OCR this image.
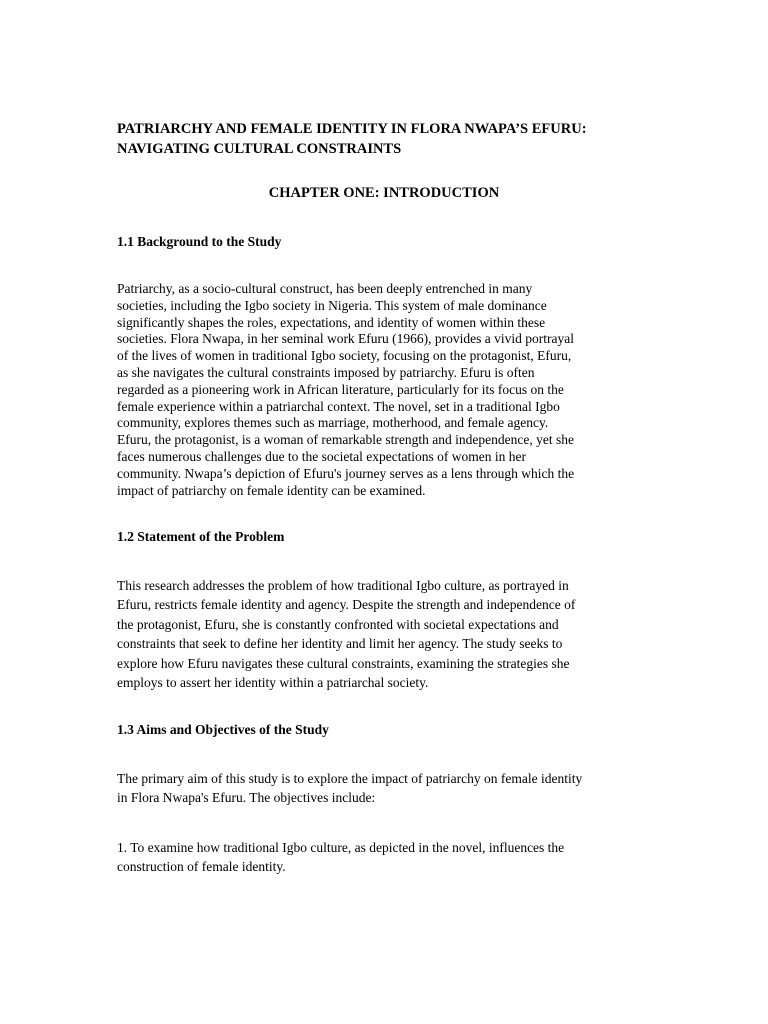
PATRIARCHY AND FEMALE IDENTITY IN FLORA NWAPA’S EFURU:
NAVIGATING CULTURAL CONSTRAINTS
CHAPTER ONE: INTRODUCTION
1.1 Background to the Study

Patriarchy, as a socio-cultural construct, has been deeply entrenched in many
societies, including the Igbo society in Nigeria. This system of male dominance
significantly shapes the roles, expectations, and identity of women within these
societies. Flora Nwapa, in her seminal work Efuru (1966), provides a vivid portrayal
of the lives of women in traditional Igbo society, focusing on the protagonist, Efuru,
as she navigates the cultural constraints imposed by patriarchy. Efuru is often
regarded as a pioneering work in African literature, particularly for its focus on the
female experience within a patriarchal context. The novel, set in a traditional Igbo
community, explores themes such as marriage, motherhood, and female agency.
Efuru, the protagonist, is a woman of remarkable strength and independence, yet she
faces numerous challenges due to the societal expectations of women in her
community. Nwapa’s depiction of Efuru's journey serves as a lens through which the
impact of patriarchy on female identity can be examined.

1.2 Statement of the Problem

This research addresses the problem of how traditional Igbo culture, as portrayed in
Efuru, restricts female identity and agency. Despite the strength and independence of
the protagonist, Efuru, she is constantly confronted with societal expectations and
constraints that seek to define her identity and limit her agency. The study seeks to
explore how Efuru navigates these cultural constraints, examining the strategies she
employs to assert her identity within a patriarchal society.

1.3 Aims and Objectives of the Study

The primary aim of this study is to explore the impact of patriarchy on female identity
in Flora Nwapa's Efuru. The objectives include:

1. To examine how traditional Igbo culture, as depicted in the novel, influences the
construction of female identity.
